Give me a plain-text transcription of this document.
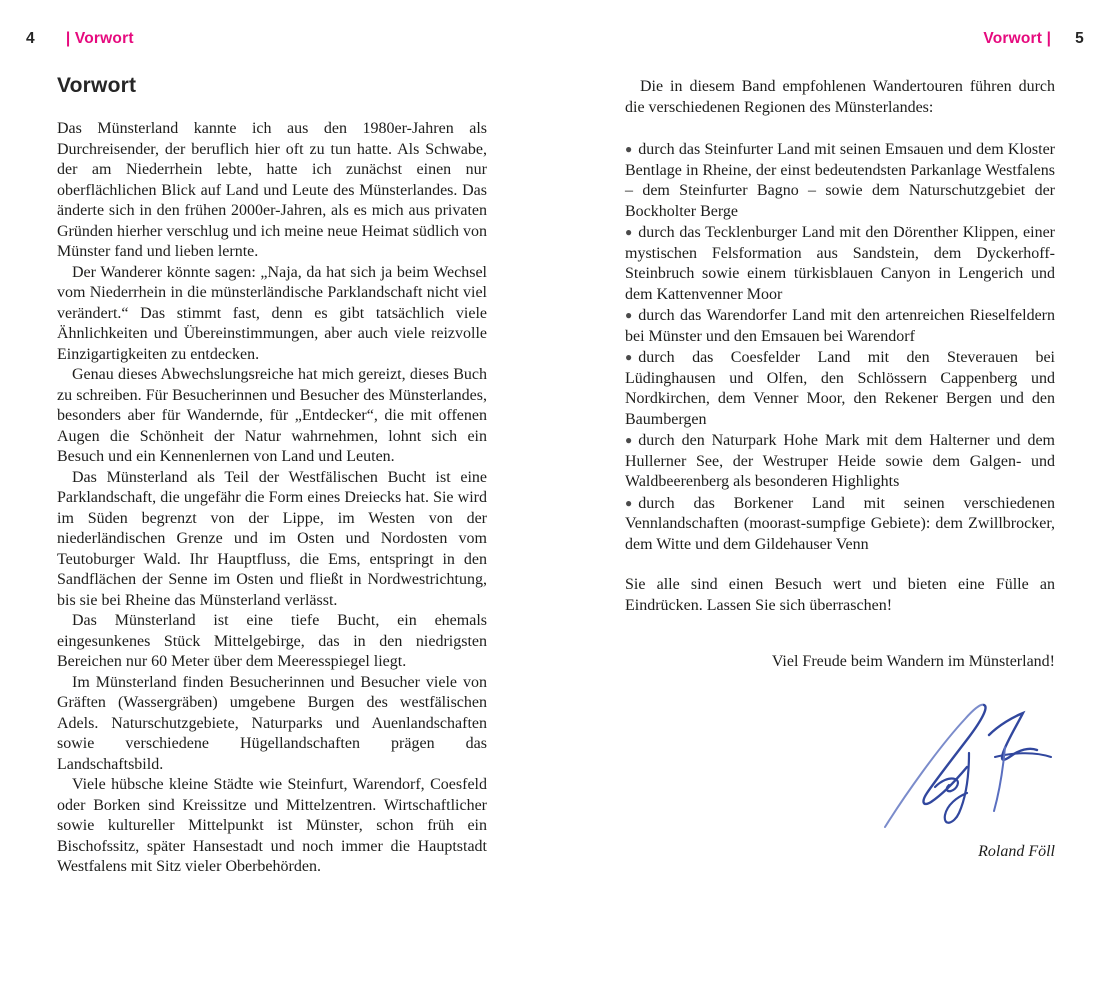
4 | Vorwort	Vorwort | 5
Vorwort

Das Münsterland kannte ich aus den 1980er-Jahren als Durchreisender, der beruflich hier oft zu tun hatte. Als Schwabe, der am Niederrhein lebte, hatte ich zunächst einen nur oberflächlichen Blick auf Land und Leute des Münsterlandes. Das änderte sich in den frühen 2000er-Jahren, als es mich aus privaten Gründen hierher verschlug und ich meine neue Heimat südlich von Münster fand und lieben lernte.

Der Wanderer könnte sagen: „Naja, da hat sich ja beim Wechsel vom Niederrhein in die münsterländische Parklandschaft nicht viel verändert.“ Das stimmt fast, denn es gibt tatsächlich viele Ähnlichkeiten und Übereinstimmungen, aber auch viele reizvolle Einzigartigkeiten zu entdecken.

Genau dieses Abwechslungsreiche hat mich gereizt, dieses Buch zu schreiben. Für Besucherinnen und Besucher des Münsterlandes, besonders aber für Wandernde, für „Entdecker“, die mit offenen Augen die Schönheit der Natur wahrnehmen, lohnt sich ein Besuch und ein Kennenlernen von Land und Leuten.

Das Münsterland als Teil der Westfälischen Bucht ist eine Parklandschaft, die ungefähr die Form eines Dreiecks hat. Sie wird im Süden begrenzt von der Lippe, im Westen von der niederländischen Grenze und im Osten und Nordosten vom Teutoburger Wald. Ihr Hauptfluss, die Ems, entspringt in den Sandflächen der Senne im Osten und fließt in Nordwestrichtung, bis sie bei Rheine das Münsterland verlässt.

Das Münsterland ist eine tiefe Bucht, ein ehemals eingesunkenes Stück Mittelgebirge, das in den niedrigsten Bereichen nur 60 Meter über dem Meeresspiegel liegt.

Im Münsterland finden Besucherinnen und Besucher viele von Gräften (Wassergräben) umgebene Burgen des westfälischen Adels. Naturschutzgebiete, Naturparks und Auenlandschaften sowie verschiedene Hügellandschaften prägen das Landschaftsbild.

Viele hübsche kleine Städte wie Steinfurt, Warendorf, Coesfeld oder Borken sind Kreissitze und Mittelzentren. Wirtschaftlicher sowie kultureller Mittelpunkt ist Münster, schon früh ein Bischofssitz, später Hansestadt und noch immer die Hauptstadt Westfalens mit Sitz vieler Oberbehörden.

Die in diesem Band empfohlenen Wandertouren führen durch die verschiedenen Regionen des Münsterlandes:

● durch das Steinfurter Land mit seinen Emsauen und dem Kloster Bentlage in Rheine, der einst bedeutendsten Parkanlage Westfalens – dem Steinfurter Bagno – sowie dem Naturschutzgebiet der Bockholter Berge

● durch das Tecklenburger Land mit den Dörenther Klippen, einer mystischen Felsformation aus Sandstein, dem Dyckerhoff-Steinbruch sowie einem türkisblauen Canyon in Lengerich und dem Kattenvenner Moor

● durch das Warendorfer Land mit den artenreichen Rieselfeldern bei Münster und den Emsauen bei Warendorf

● durch das Coesfelder Land mit den Steverauen bei Lüdinghausen und Olfen, den Schlössern Cappenberg und Nordkirchen, dem Venner Moor, den Rekener Bergen und den Baumbergen

● durch den Naturpark Hohe Mark mit dem Halterner und dem Hullerner See, der Westruper Heide sowie dem Galgen- und Waldbeerenberg als besonderen Highlights

● durch das Borkener Land mit seinen verschiedenen Vennlandschaften (moorast-sumpfige Gebiete): dem Zwillbrocker, dem Witte und dem Gildehauser Venn

Sie alle sind einen Besuch wert und bieten eine Fülle an Eindrücken. Lassen Sie sich überraschen!

Viel Freude beim Wandern im Münsterland!

Roland Föll
